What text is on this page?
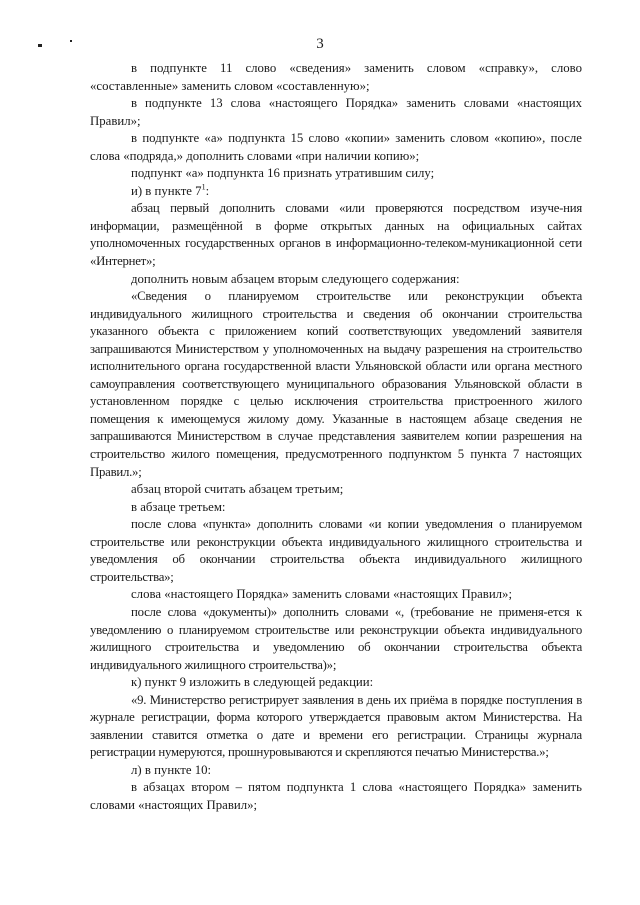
3

в подпункте 11 слово «сведения» заменить словом «справку», слово «составленные» заменить словом «составленную»;

в подпункте 13 слова «настоящего Порядка» заменить словами «настоящих Правил»;

в подпункте «а» подпункта 15 слово «копии» заменить словом «копию», после слова «подряда,» дополнить словами «при наличии копию»;

подпункт «а» подпункта 16 признать утратившим силу;

и) в пункте $7^1$:

абзац первый дополнить словами «или проверяются посредством изуче-ния информации, размещённой в форме открытых данных на официальных сайтах уполномоченных государственных органов в информационно-телеком-муникационной сети «Интернет»;

дополнить новым абзацем вторым следующего содержания:

«Сведения о планируемом строительстве или реконструкции объекта индивидуального жилищного строительства и сведения об окончании строительства указанного объекта с приложением копий соответствующих уведомлений заявителя запрашиваются Министерством у уполномоченных на выдачу разрешения на строительство исполнительного органа государственной власти Ульяновской области или органа местного самоуправления соответствующего муниципального образования Ульяновской области в установленном порядке с целью исключения строительства пристроенного жилого помещения к имеющемуся жилому дому. Указанные в настоящем абзаце сведения не запрашиваются Министерством в случае представления заявителем копии разрешения на строительство жилого помещения, предусмотренного подпунктом 5 пункта 7 настоящих Правил.»;

абзац второй считать абзацем третьим;

в абзаце третьем:

после слова «пункта» дополнить словами «и копии уведомления о планируемом строительстве или реконструкции объекта индивидуального жилищного строительства и уведомления об окончании строительства объекта индивидуального жилищного строительства»;

слова «настоящего Порядка» заменить словами «настоящих Правил»;

после слова «документы)» дополнить словами «, (требование не применя-ется к уведомлению о планируемом строительстве или реконструкции объекта индивидуального жилищного строительства и уведомлению об окончании строительства объекта индивидуального жилищного строительства)»;

к) пункт 9 изложить в следующей редакции:

«9. Министерство регистрирует заявления в день их приёма в порядке поступления в журнале регистрации, форма которого утверждается правовым актом Министерства. На заявлении ставится отметка о дате и времени его регистрации. Страницы журнала регистрации нумеруются, прошнуровываются и скрепляются печатью Министерства.»;

л) в пункте 10:

в абзацах втором – пятом подпункта 1 слова «настоящего Порядка» заменить словами «настоящих Правил»;
